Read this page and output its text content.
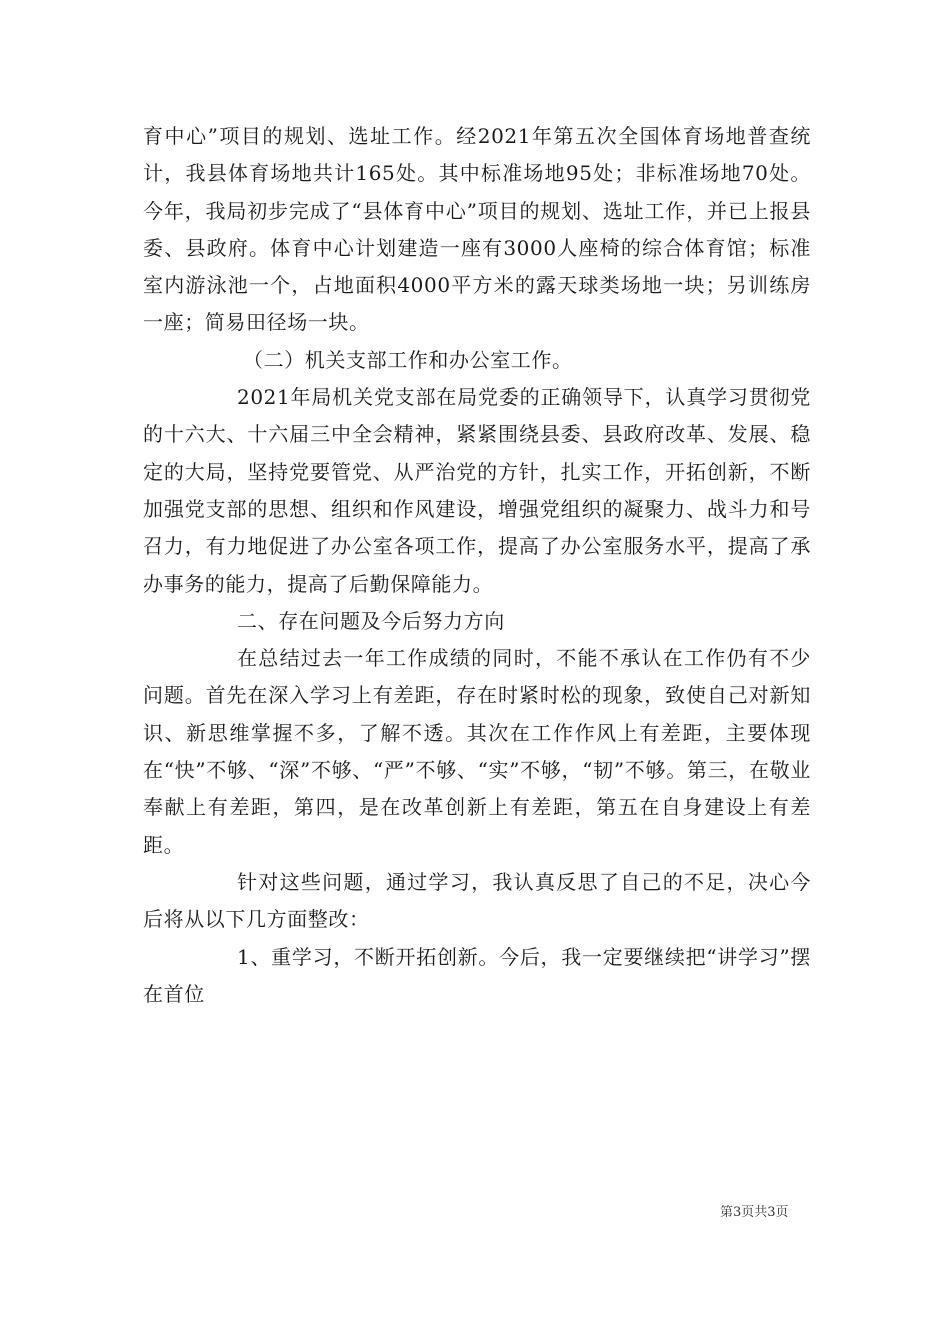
育中心”项目的规划、选址工作。经2021年第五次全国体育场地普查统计，我县体育场地共计165处。其中标准场地95处；非标准场地70处。今年，我局初步完成了“县体育中心”项目的规划、选址工作，并已上报县委、县政府。体育中心计划建造一座有3000人座椅的综合体育馆；标准室内游泳池一个，占地面积4000平方米的露天球类场地一块；另训练房一座；简易田径场一块。

（二）机关支部工作和办公室工作。

2021年局机关党支部在局党委的正确领导下，认真学习贯彻党的十六大、十六届三中全会精神，紧紧围绕县委、县政府改革、发展、稳定的大局，坚持党要管党、从严治党的方针，扎实工作，开拓创新，不断加强党支部的思想、组织和作风建设，增强党组织的凝聚力、战斗力和号召力，有力地促进了办公室各项工作，提高了办公室服务水平，提高了承办事务的能力，提高了后勤保障能力。

二、存在问题及今后努力方向

在总结过去一年工作成绩的同时，不能不承认在工作仍有不少问题。首先在深入学习上有差距，存在时紧时松的现象，致使自己对新知识、新思维掌握不多，了解不透。其次在工作作风上有差距，主要体现在“快”不够、“深”不够、“严”不够、“实”不够，“韧”不够。第三，在敬业奉献上有差距，第四，是在改革创新上有差距，第五在自身建设上有差距。

针对这些问题，通过学习，我认真反思了自己的不足，决心今后将从以下几方面整改：

1、重学习，不断开拓创新。今后，我一定要继续把“讲学习”摆在首位

第3页共3页
